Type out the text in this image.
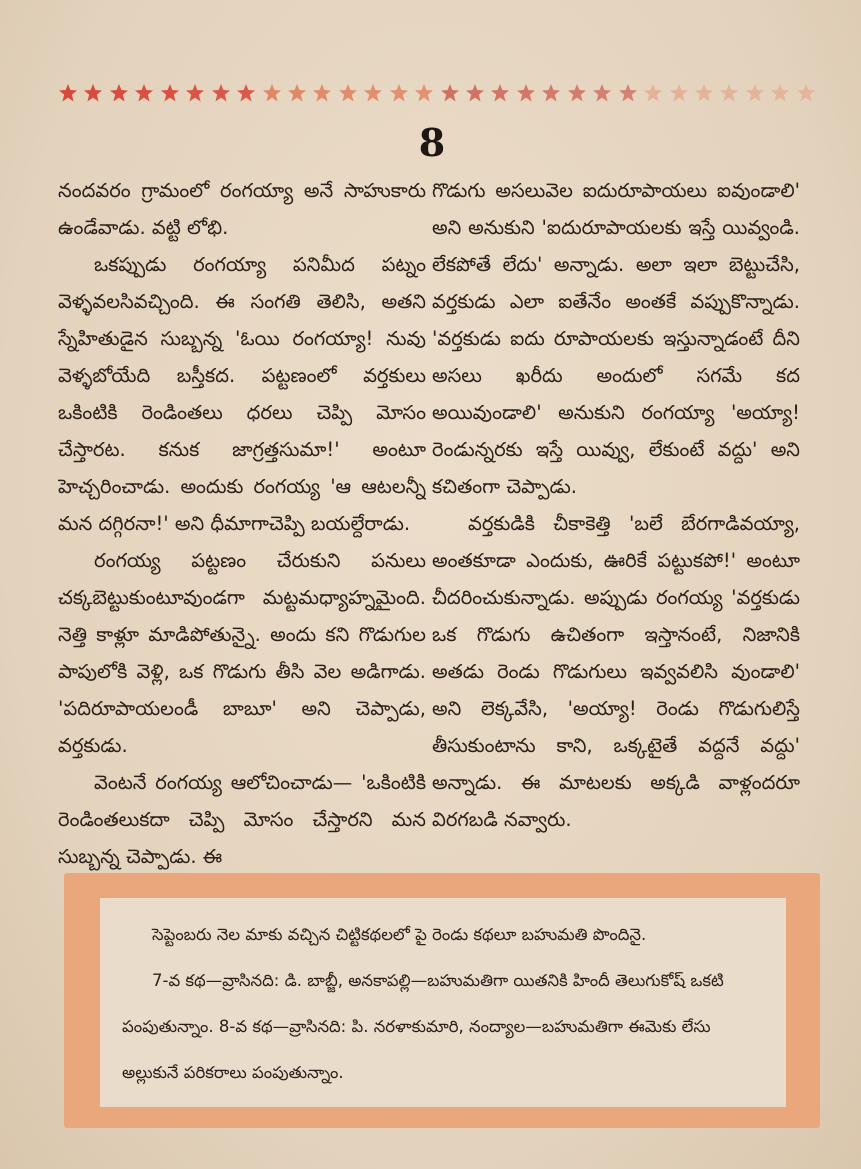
8

నందవరం గ్రామంలో రంగయ్యా అనే సాహుకారు ఉండేవాడు. వట్టి లోభి.

ఒకప్పుడు రంగయ్యా పనిమీద పట్నం వెళ్ళవలసివచ్చింది. ఈ సంగతి తెలిసి, అతని స్నేహితుడైన సుబ్బన్న 'ఓయి రంగయ్యా! నువు వెళ్ళబోయేది బస్తీకద. పట్టణంలో వర్తకులు ఒకింటికి రెండింతలు ధరలు చెప్పి మోసం చేస్తారట. కనుక జాగ్రత్తసుమా!' అంటూ హెచ్చరించాడు. అందుకు రంగయ్య 'ఆ ఆటలన్నీ మన దగ్గిరనా!' అని ధీమాగాచెప్పి బయల్దేరాడు.

రంగయ్య పట్టణం చేరుకుని పనులు చక్కబెట్టుకుంటూవుండగా మట్టమధ్యాహ్నమైంది. నెత్తి కాళ్లూ మాడిపోతున్నై. అందు కని గొడుగుల పాపులోకి వెళ్లి, ఒక గొడుగు తీసి వెల అడిగాడు. 'పదిరూపాయలండీ బాబూ' అని చెప్పాడు, వర్తకుడు.

వెంటనే రంగయ్య ఆలోచించాడు— 'ఒకింటికి రెండింతలుకదా చెప్పి మోసం చేస్తారని మన సుబ్బన్న చెప్పాడు. ఈ

గొడుగు అసలువెల ఐదురూపాయలు ఐవుండాలి' అని అనుకుని 'ఐదురూపాయలకు ఇస్తే యివ్వండి. లేకపోతే లేదు' అన్నాడు. అలా ఇలా బెట్టుచేసి, వర్తకుడు ఎలా ఐతేనేం అంతకే వప్పుకొన్నాడు. 'వర్తకుడు ఐదు రూపాయలకు ఇస్తున్నాడంటే దీని అసలు ఖరీదు అందులో సగమే కద అయివుండాలి' అనుకుని రంగయ్యా 'అయ్యా! రెండున్నరకు ఇస్తే యివ్వు, లేకుంటే వద్దు' అని కచితంగా చెప్పాడు.

వర్తకుడికి చీకాకెత్తి 'బలే బేరగాడివయ్యా, అంతకూడా ఎందుకు, ఊరికే పట్టుకపో!' అంటూ చీదరించుకున్నాడు. అప్పుడు రంగయ్య 'వర్తకుడు ఒక గొడుగు ఉచితంగా ఇస్తానంటే, నిజానికి అతడు రెండు గొడుగులు ఇవ్వవలిసి వుండాలి' అని లెక్కవేసి, 'అయ్యా! రెండు గొడుగులిస్తే తీసుకుంటాను కాని, ఒక్కటైతే వద్దనే వద్దు' అన్నాడు. ఈ మాటలకు అక్కడి వాళ్లందరూ విరగబడి నవ్వారు.

సెప్టెంబరు నెల మాకు వచ్చిన చిట్టికథలలో పై రెండు కథలూ బహుమతి పొందినై.

7-వ కథ—వ్రాసినది: డి. బాబ్జీ, అనకాపల్లి—బహుమతిగా యితనికి హిందీ తెలుగుకోష్ ఒకటి పంపుతున్నాం. 8-వ కథ—వ్రాసినది: పి. నరళాకుమారి, నంద్యాల—బహుమతిగా ఈమెకు లేసు అల్లుకునే పరికరాలు పంపుతున్నాం.
